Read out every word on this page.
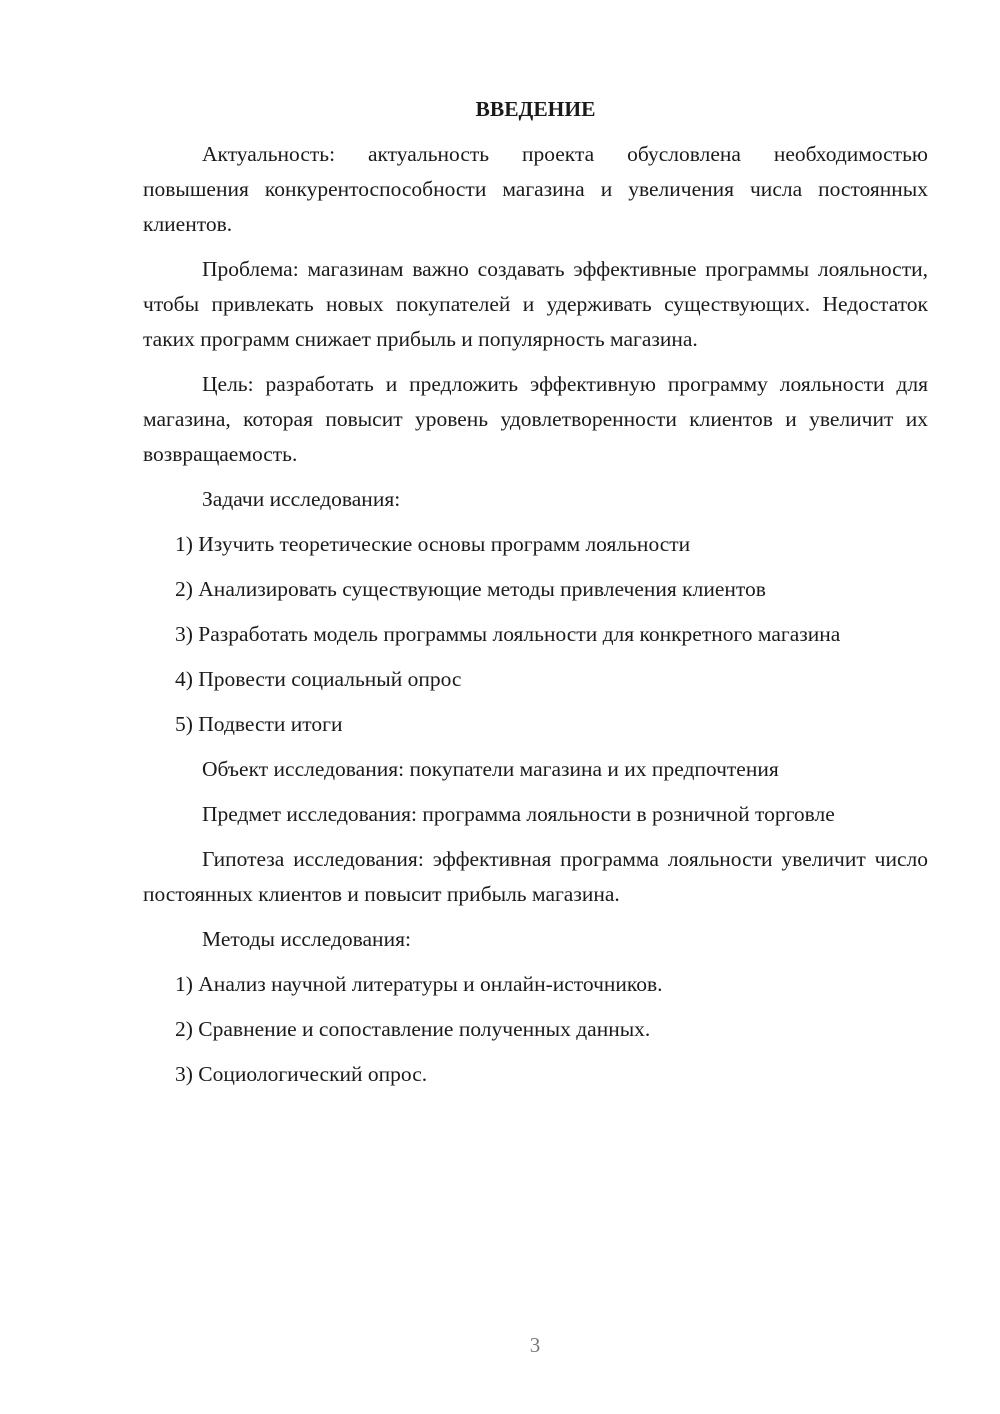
ВВЕДЕНИЕ

Актуальность: актуальность проекта обусловлена необходимостью повышения конкурентоспособности магазина и увеличения числа постоянных клиентов.

Проблема: магазинам важно создавать эффективные программы лояльности, чтобы привлекать новых покупателей и удерживать существующих. Недостаток таких программ снижает прибыль и популярность магазина.

Цель: разработать и предложить эффективную программу лояльности для магазина, которая повысит уровень удовлетворенности клиентов и увеличит их возвращаемость.

Задачи исследования:

1) Изучить теоретические основы программ лояльности

2) Анализировать существующие методы привлечения клиентов

3) Разработать модель программы лояльности для конкретного магазина

4) Провести социальный опрос

5) Подвести итоги

Объект исследования: покупатели магазина и их предпочтения

Предмет исследования: программа лояльности в розничной торговле

Гипотеза исследования: эффективная программа лояльности увеличит число постоянных клиентов и повысит прибыль магазина.

Методы исследования:

1) Анализ научной литературы и онлайн-источников.

2) Сравнение и сопоставление полученных данных.

3) Социологический опрос.

3
